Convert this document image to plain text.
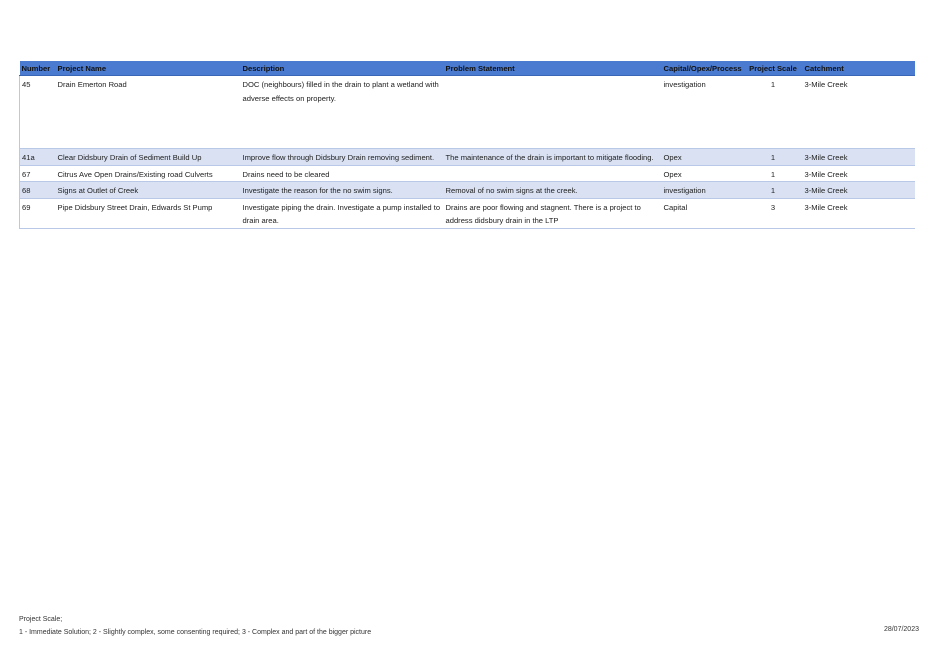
Number	Project Name	Description	Problem Statement	Capital/Opex/Process	Project Scale	Catchment
45	Drain Emerton Road	DOC (neighbours) filled in the drain to plant a wetland with adverse effects on property.		investigation	1	3-Mile Creek
41a	Clear Didsbury Drain of Sediment Build Up	Improve flow through Didsbury Drain removing sediment.	The maintenance of the drain is important to mitigate flooding.	Opex	1	3-Mile Creek
67	Citrus Ave Open Drains/Existing road Culverts	Drains need to be cleared		Opex	1	3-Mile Creek
68	Signs at Outlet of Creek	Investigate the reason for the no swim signs.	Removal of no swim signs at the creek.	investigation	1	3-Mile Creek
69	Pipe Didsbury Street Drain, Edwards St Pump	Investigate piping the drain. Investigate a pump installed to drain area.	Drains are poor flowing and stagnent. There is a project to address didsbury drain in the LTP	Capital	3	3-Mile Creek
Project Scale;
1 - Immediate Solution; 2 - Slightly complex, some consenting required; 3 - Complex and part of the bigger picture	28/07/2023
